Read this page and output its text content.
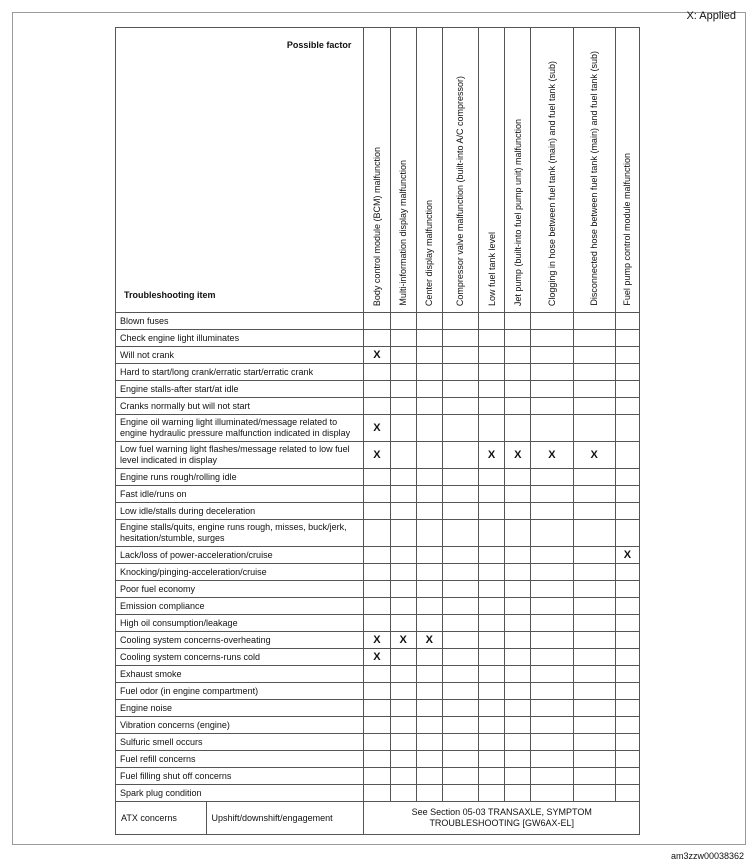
X: Applied
Possible factor
Troubleshooting item		Body control module (BCM) malfunction	Multi-information display malfunction	Center display malfunction	Compressor valve malfunction (built-into A/C compressor)	Low fuel tank level	Jet pump (built-into fuel pump unit) malfunction	Clogging in hose between fuel tank (main) and fuel tank (sub)	Disconnected hose between fuel tank (main) and fuel tank (sub)	Fuel pump control module malfunction

Blown fuses										
Check engine light illuminates										
Will not crank		X								
Hard to start/long crank/erratic start/erratic crank										
Engine stalls-after start/at idle										
Cranks normally but will not start										
Engine oil warning light illuminated/message related to engine hydraulic pressure malfunction indicated in display		X								
Low fuel warning light flashes/message related to low fuel level indicated in display		X				X	X	X	X	
Engine runs rough/rolling idle										
Fast idle/runs on										
Low idle/stalls during deceleration										
Engine stalls/quits, engine runs rough, misses, buck/jerk, hesitation/stumble, surges										
Lack/loss of power-acceleration/cruise										X
Knocking/pinging-acceleration/cruise										
Poor fuel economy										
Emission compliance										
High oil consumption/leakage										
Cooling system concerns-overheating		X	X	X						
Cooling system concerns-runs cold		X								
Exhaust smoke										
Fuel odor (in engine compartment)										
Engine noise										
Vibration concerns (engine)										
Sulfuric smell occurs										
Fuel refill concerns										
Fuel filling shut off concerns										
Spark plug condition										
ATX concerns	Upshift/downshift/engagement	See Section 05-03 TRANSAXLE, SYMPTOM TROUBLESHOOTING [GW6AX-EL]								
am3zzw00038362
